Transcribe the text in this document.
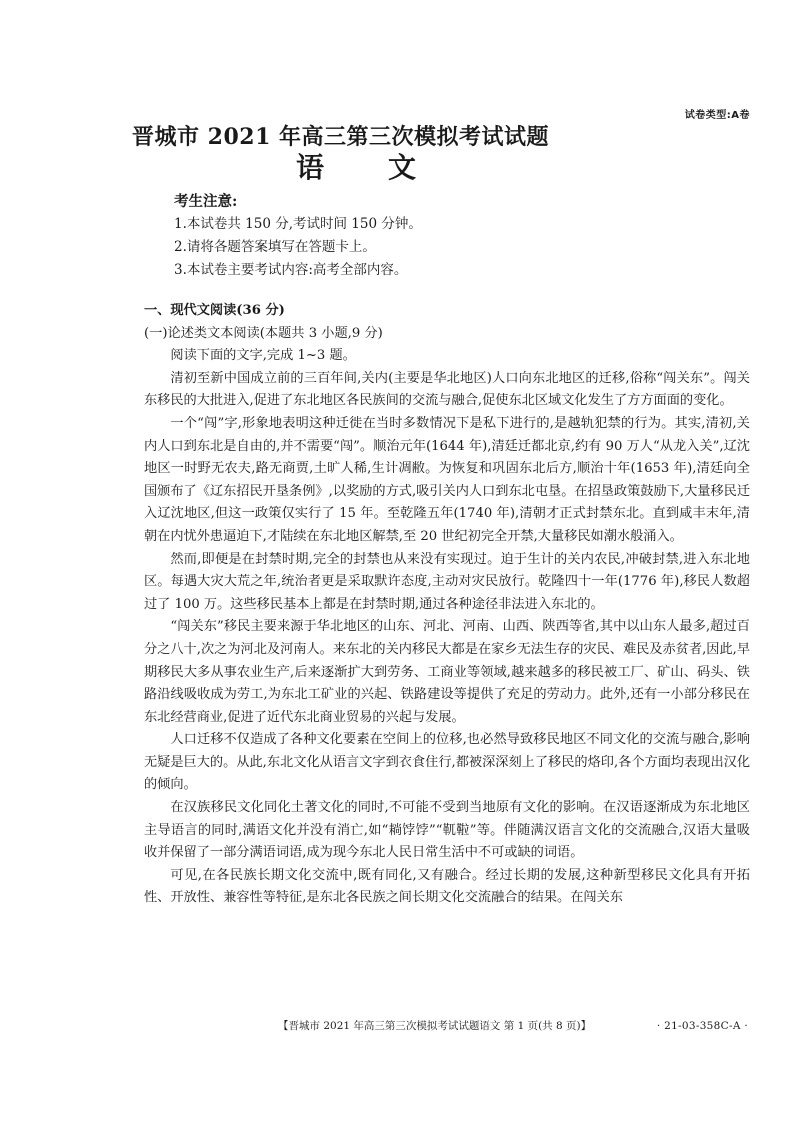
试卷类型:A卷
晋城市 2021 年高三第三次模拟考试试题
语文
考生注意:
1.本试卷共 150 分,考试时间 150 分钟。
2.请将各题答案填写在答题卡上。
3.本试卷主要考试内容:高考全部内容。
一、现代文阅读(36 分)
(一)论述类文本阅读(本题共 3 小题,9 分)

阅读下面的文字,完成 1~3 题。

清初至新中国成立前的三百年间,关内(主要是华北地区)人口向东北地区的迁移,俗称“闯关东”。闯关东移民的大批进入,促进了东北地区各民族间的交流与融合,促使东北区域文化发生了方方面面的变化。

一个“闯”字,形象地表明这种迁徙在当时多数情况下是私下进行的,是越轨犯禁的行为。其实,清初,关内人口到东北是自由的,并不需要“闯”。顺治元年(1644 年),清廷迁都北京,约有 90 万人“从龙入关”,辽沈地区一时野无农夫,路无商贾,土旷人稀,生计凋敝。为恢复和巩固东北后方,顺治十年(1653 年),清廷向全国颁布了《辽东招民开垦条例》,以奖励的方式,吸引关内人口到东北屯垦。在招垦政策鼓励下,大量移民迁入辽沈地区,但这一政策仅实行了 15 年。至乾隆五年(1740 年),清朝才正式封禁东北。直到咸丰末年,清朝在内忧外患逼迫下,才陆续在东北地区解禁,至 20 世纪初完全开禁,大量移民如潮水般涌入。

然而,即便是在封禁时期,完全的封禁也从来没有实现过。迫于生计的关内农民,冲破封禁,进入东北地区。每遇大灾大荒之年,统治者更是采取默许态度,主动对灾民放行。乾隆四十一年(1776 年),移民人数超过了 100 万。这些移民基本上都是在封禁时期,通过各种途径非法进入东北的。

“闯关东”移民主要来源于华北地区的山东、河北、河南、山西、陕西等省,其中以山东人最多,超过百分之八十,次之为河北及河南人。来东北的关内移民大都是在家乡无法生存的灾民、难民及赤贫者,因此,早期移民大多从事农业生产,后来逐渐扩大到劳务、工商业等领域,越来越多的移民被工厂、矿山、码头、铁路沿线吸收成为劳工,为东北工矿业的兴起、铁路建设等提供了充足的劳动力。此外,还有一小部分移民在东北经营商业,促进了近代东北商业贸易的兴起与发展。

人口迁移不仅造成了各种文化要素在空间上的位移,也必然导致移民地区不同文化的交流与融合,影响无疑是巨大的。从此,东北文化从语言文字到衣食住行,都被深深刻上了移民的烙印,各个方面均表现出汉化的倾向。

在汉族移民文化同化土著文化的同时,不可能不受到当地原有文化的影响。在汉语逐渐成为东北地区主导语言的同时,满语文化并没有消亡,如“耥饽饽”“靰鞡”等。伴随满汉语言文化的交流融合,汉语大量吸收并保留了一部分满语词语,成为现今东北人民日常生活中不可或缺的词语。

可见,在各民族长期文化交流中,既有同化,又有融合。经过长期的发展,这种新型移民文化具有开拓性、开放性、兼容性等特征,是东北各民族之间长期文化交流融合的结果。在闯关东

【晋城市 2021 年高三第三次模拟考试试题语文 第 1 页(共 8 页)】	· 21-03-358C-A ·
